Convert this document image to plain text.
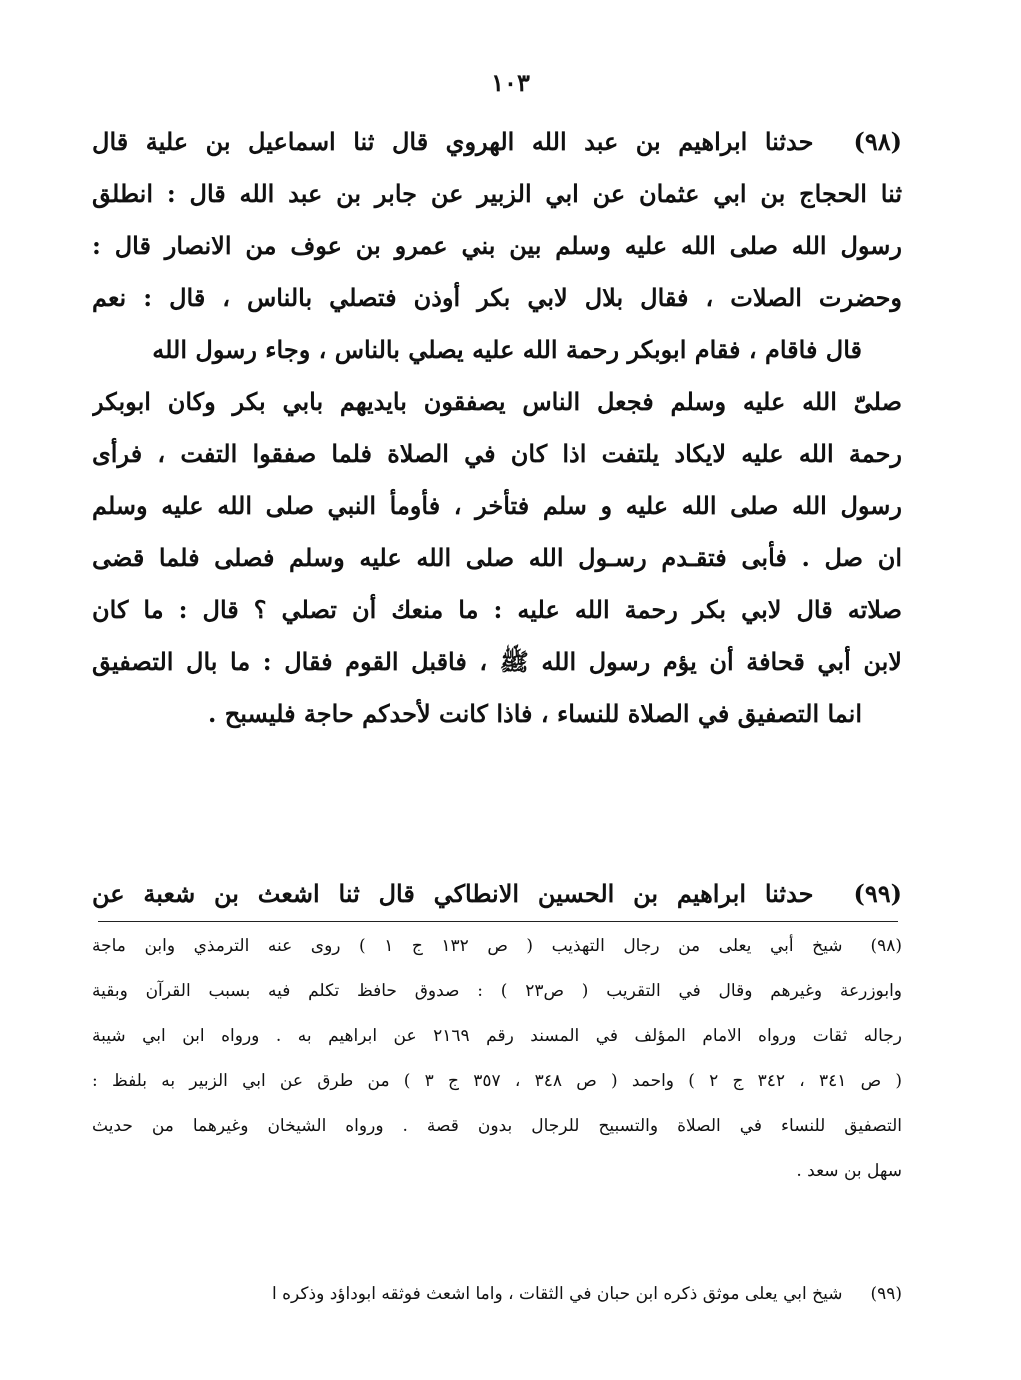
١٠٣
(٩٨)حدثنا ابراهيم بن عبد الله الهروي قال ثنا اسماعيل بن علية قال
ثنا الحجاج بن ابي عثمان عن ابي الزبير عن جابر بن عبد الله قال : انطلق
رسول الله صلى الله عليه وسلم بين بني عمرو بن عوف من الانصار قال :
وحضرت الصلات ، فقال بلال لابي بكر أوذن فتصلي بالناس ، قال : نعم
قال فاقام ، فقام ابوبكر رحمة الله عليه يصلي بالناس ، وجاء رسول الله
صلىّ الله عليه وسلم فجعل الناس يصفقون بايديهم بابي بكر وكان ابوبكر
رحمة الله عليه لايكاد يلتفت اذا كان في الصلاة فلما صفقوا التفت ، فرأى
رسول الله صلى الله عليه و سلم فتأخر ، فأومأ النبي صلى الله عليه وسلم
ان صل . فأبى فتقـدم رسـول الله صلى الله عليه وسلم فصلى فلما قضى
صلاته قال لابي بكر رحمة الله عليه : ما منعك أن تصلي ؟ قال : ما كان
لابن أبي قحافة أن يؤم رسول الله ﷺ ، فاقبل القوم فقال : ما بال التصفيق
انما التصفيق في الصلاة للنساء ، فاذا كانت لأحدكم حاجة فليسبح .
(٩٩)حدثنا ابراهيم بن الحسين الانطاكي قال ثنا اشعث بن شعبة عن
(٩٨)شيخ أبي يعلى من رجال التهذيب ( ص ١٣٢ ج ١ ) روى عنه الترمذي وابن ماجة
وابوزرعة وغيرهم وقال في التقريب ( ص٢٣ ) : صدوق حافظ تكلم فيه بسبب القرآن وبقية
رجاله ثقات ورواه الامام المؤلف في المسند رقم ٢١٦٩ عن ابراهيم به . ورواه ابن ابي شيبة
( ص ٣٤١ ، ٣٤٢ ج ٢ ) واحمد ( ص ٣٤٨ ، ٣٥٧ ج ٣ ) من طرق عن ابي الزبير به بلفظ :
التصفيق للنساء في الصلاة والتسبيح للرجال بدون قصة . ورواه الشيخان وغيرهما من حديث
سهل بن سعد .
(٩٩)شيخ ابي يعلى موثق ذكره ابن حبان في الثقات ، واما اشعث فوثقه ابوداؤد وذكره ا
